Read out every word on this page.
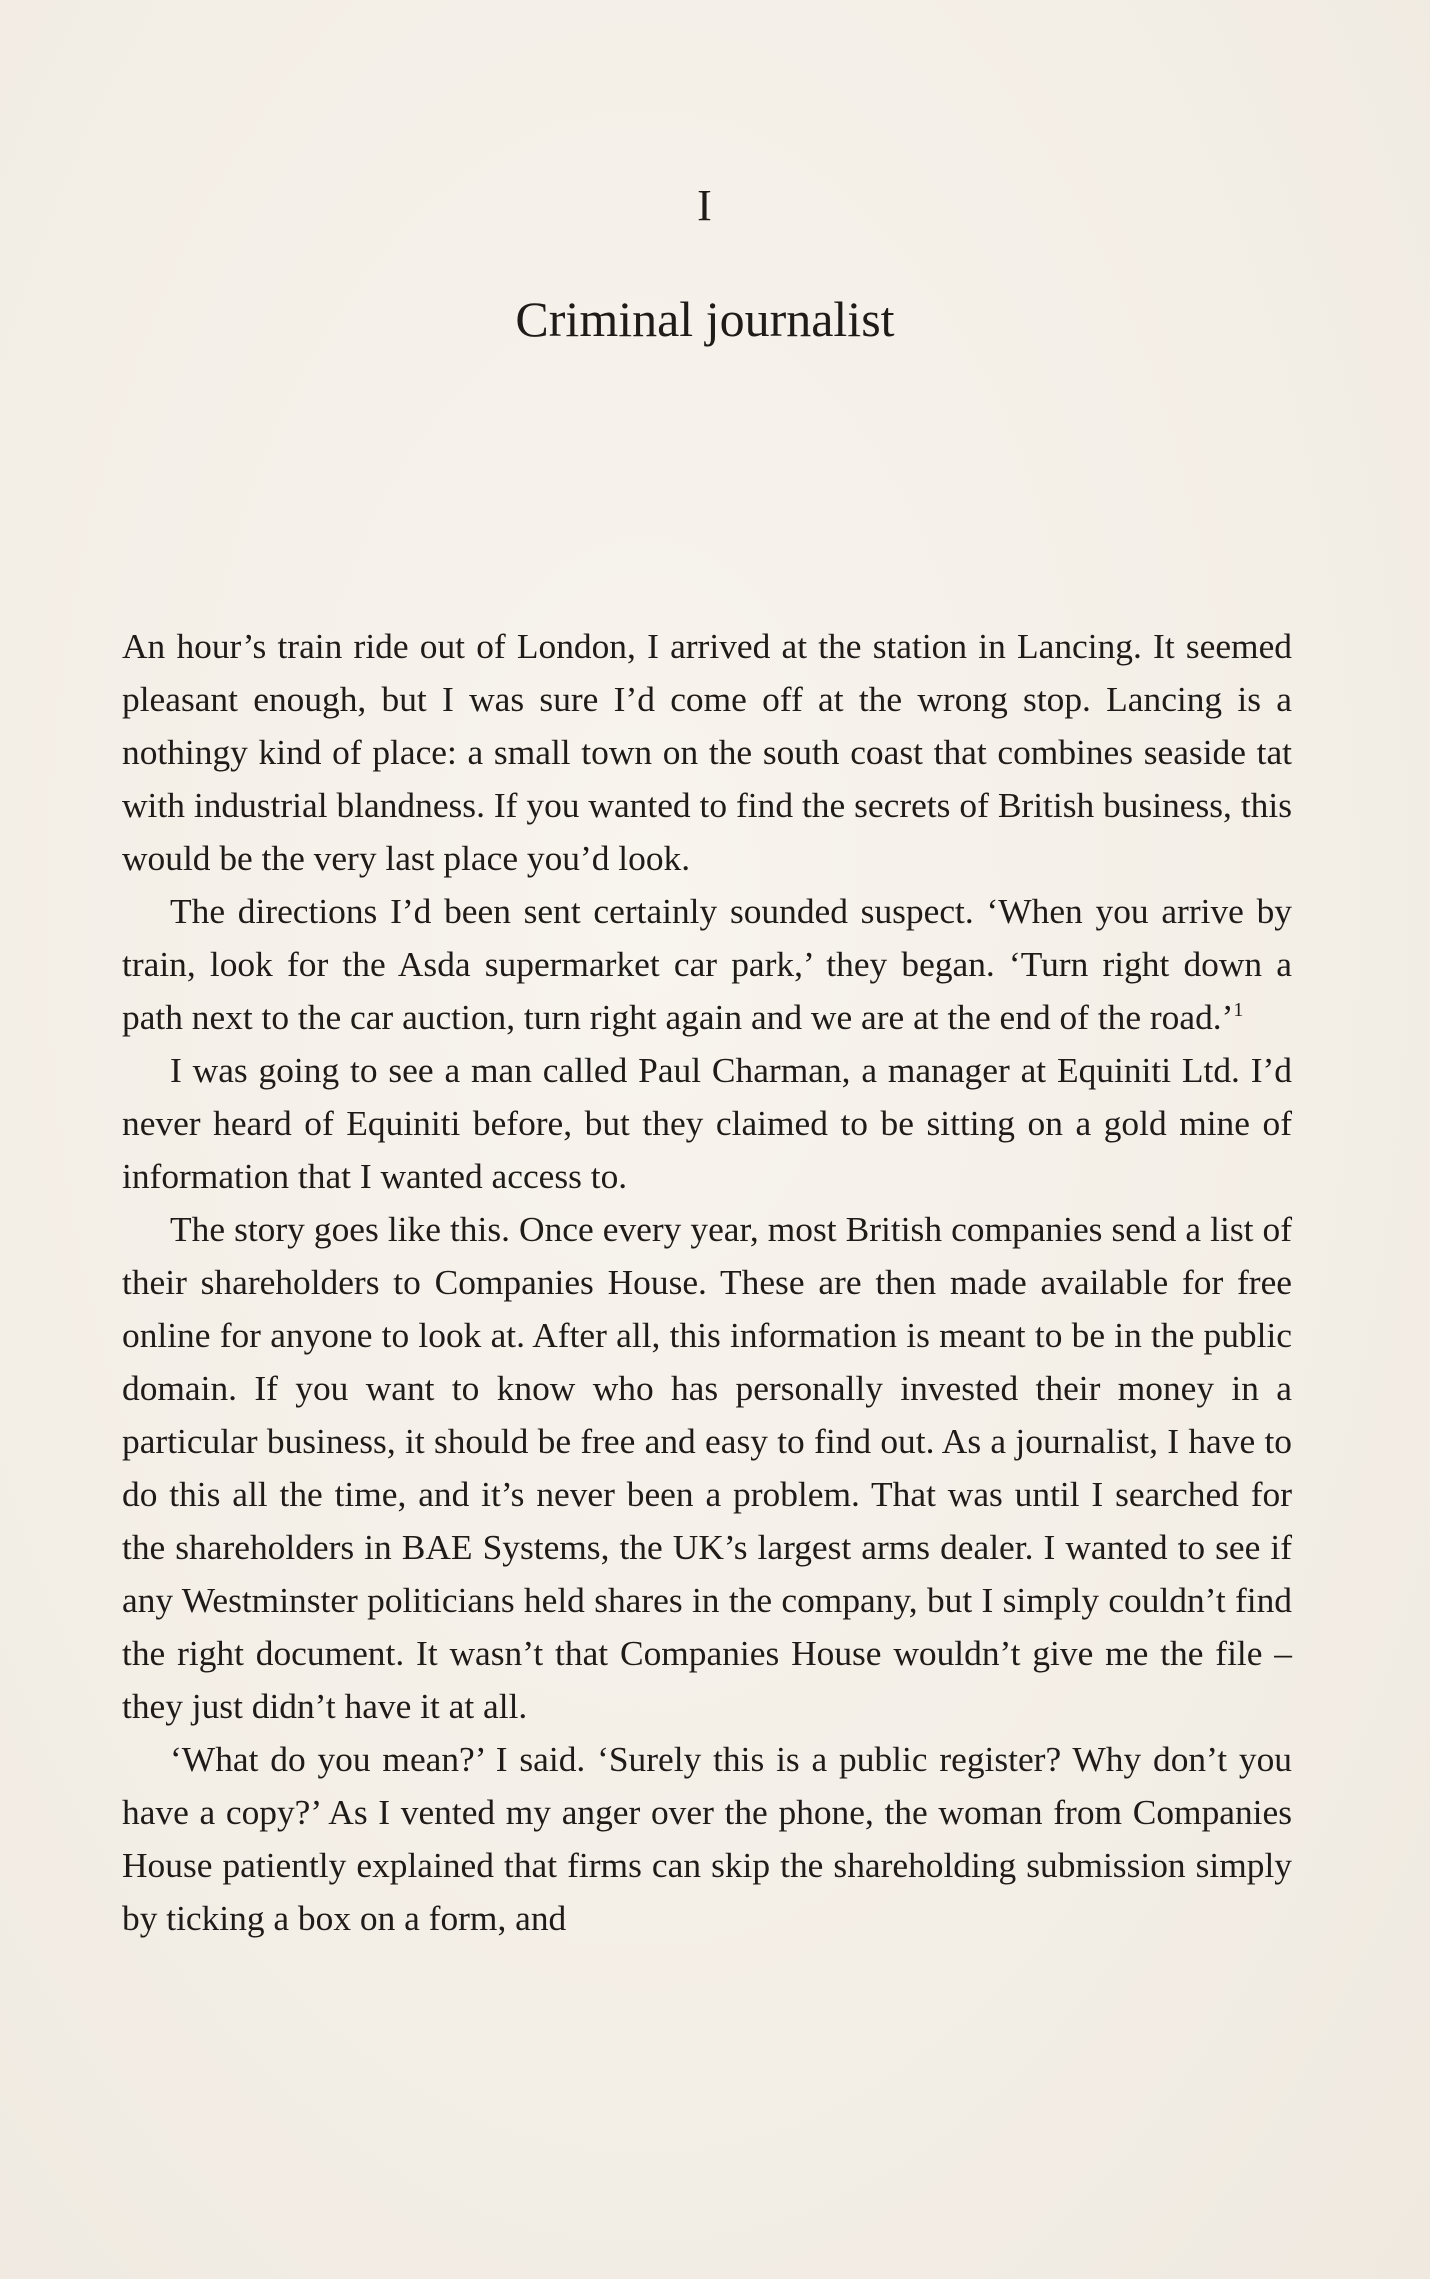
I
Criminal journalist

An hour’s train ride out of London, I arrived at the station in Lancing. It seemed pleasant enough, but I was sure I’d come off at the wrong stop. Lancing is a nothingy kind of place: a small town on the south coast that combines seaside tat with industrial blandness. If you wanted to find the secrets of British business, this would be the very last place you’d look.

The directions I’d been sent certainly sounded suspect. ‘When you arrive by train, look for the Asda supermarket car park,’ they began. ‘Turn right down a path next to the car auction, turn right again and we are at the end of the road.’$^1$

I was going to see a man called Paul Charman, a manager at Equiniti Ltd. I’d never heard of Equiniti before, but they claimed to be sitting on a gold mine of information that I wanted access to.

The story goes like this. Once every year, most British companies send a list of their shareholders to Companies House. These are then made available for free online for anyone to look at. After all, this information is meant to be in the public domain. If you want to know who has personally invested their money in a particular business, it should be free and easy to find out. As a journalist, I have to do this all the time, and it’s never been a problem. That was until I searched for the shareholders in BAE Systems, the UK’s largest arms dealer. I wanted to see if any Westminster politicians held shares in the company, but I simply couldn’t find the right document. It wasn’t that Companies House wouldn’t give me the file – they just didn’t have it at all.

‘What do you mean?’ I said. ‘Surely this is a public register? Why don’t you have a copy?’ As I vented my anger over the phone, the woman from Companies House patiently explained that firms can skip the shareholding submission simply by ticking a box on a form, and
